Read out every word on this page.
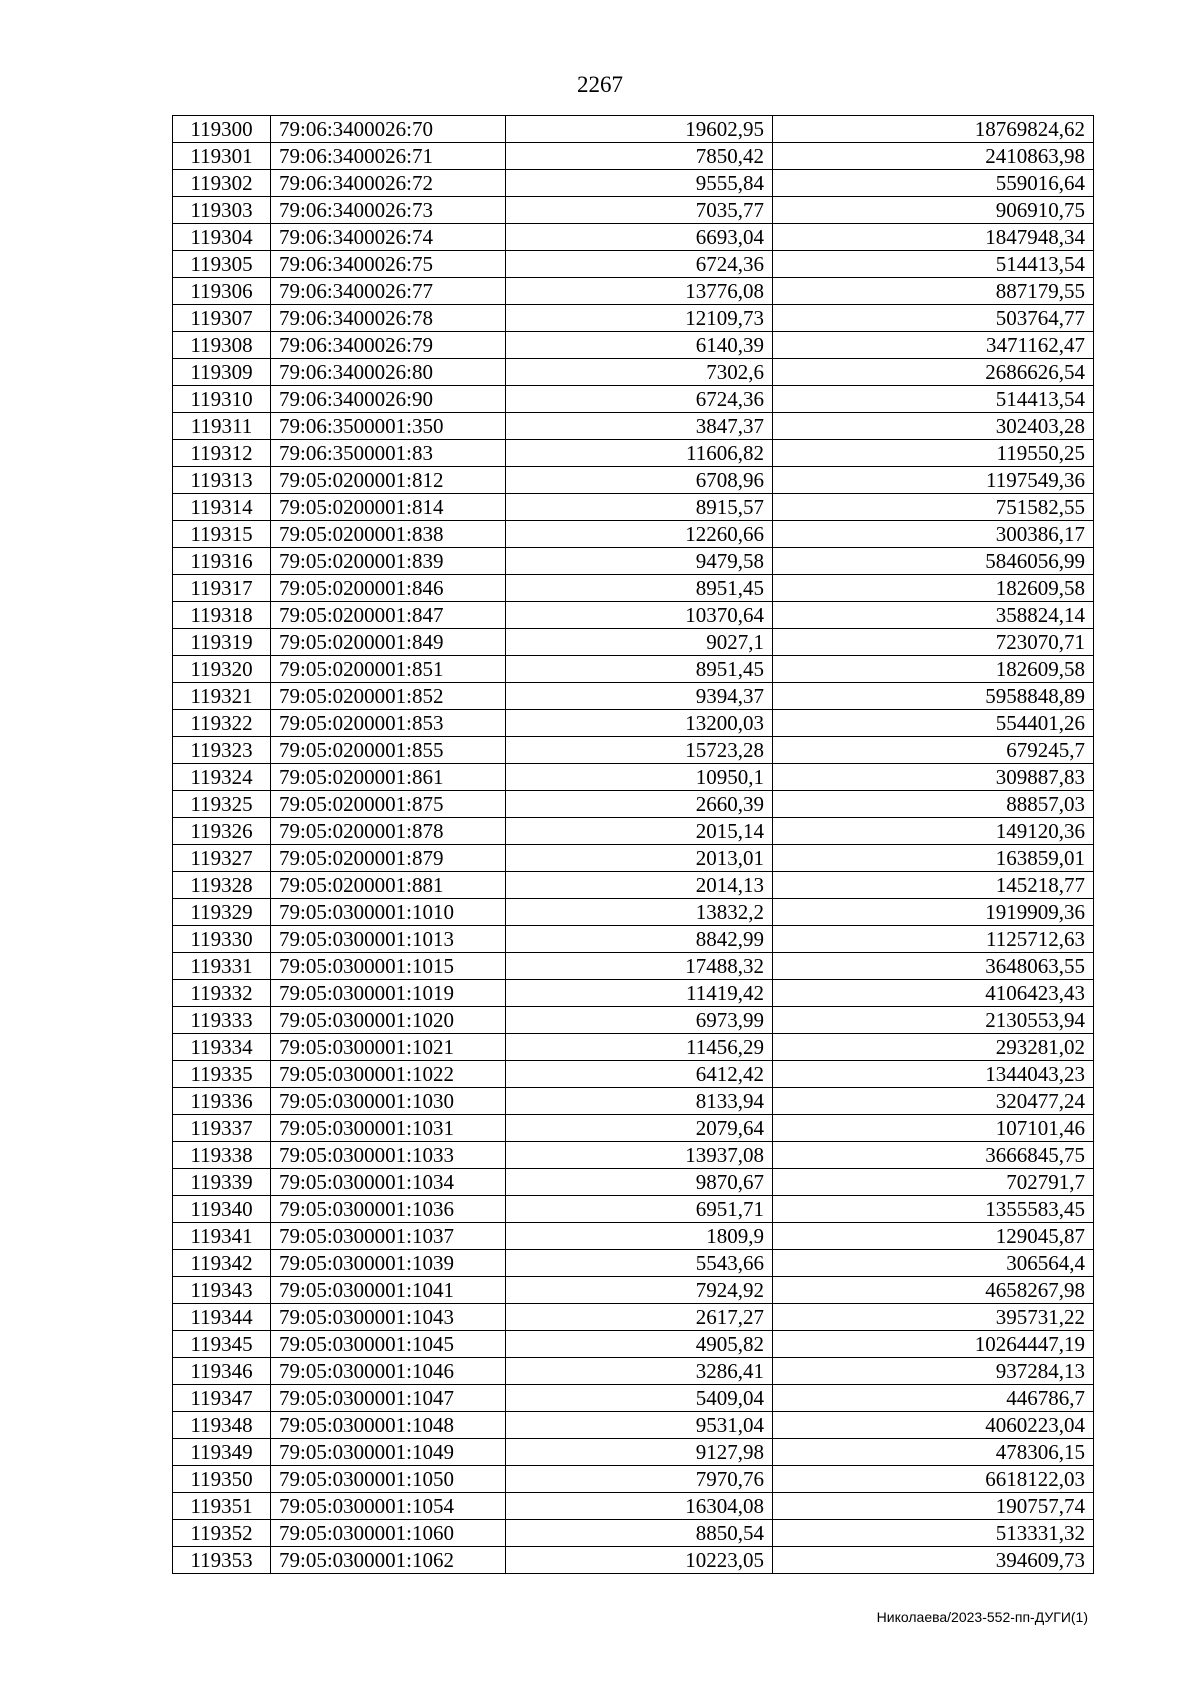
2267
119300	79:06:3400026:70	19602,95	18769824,62
119301	79:06:3400026:71	7850,42	2410863,98
119302	79:06:3400026:72	9555,84	559016,64
119303	79:06:3400026:73	7035,77	906910,75
119304	79:06:3400026:74	6693,04	1847948,34
119305	79:06:3400026:75	6724,36	514413,54
119306	79:06:3400026:77	13776,08	887179,55
119307	79:06:3400026:78	12109,73	503764,77
119308	79:06:3400026:79	6140,39	3471162,47
119309	79:06:3400026:80	7302,6	2686626,54
119310	79:06:3400026:90	6724,36	514413,54
119311	79:06:3500001:350	3847,37	302403,28
119312	79:06:3500001:83	11606,82	119550,25
119313	79:05:0200001:812	6708,96	1197549,36
119314	79:05:0200001:814	8915,57	751582,55
119315	79:05:0200001:838	12260,66	300386,17
119316	79:05:0200001:839	9479,58	5846056,99
119317	79:05:0200001:846	8951,45	182609,58
119318	79:05:0200001:847	10370,64	358824,14
119319	79:05:0200001:849	9027,1	723070,71
119320	79:05:0200001:851	8951,45	182609,58
119321	79:05:0200001:852	9394,37	5958848,89
119322	79:05:0200001:853	13200,03	554401,26
119323	79:05:0200001:855	15723,28	679245,7
119324	79:05:0200001:861	10950,1	309887,83
119325	79:05:0200001:875	2660,39	88857,03
119326	79:05:0200001:878	2015,14	149120,36
119327	79:05:0200001:879	2013,01	163859,01
119328	79:05:0200001:881	2014,13	145218,77
119329	79:05:0300001:1010	13832,2	1919909,36
119330	79:05:0300001:1013	8842,99	1125712,63
119331	79:05:0300001:1015	17488,32	3648063,55
119332	79:05:0300001:1019	11419,42	4106423,43
119333	79:05:0300001:1020	6973,99	2130553,94
119334	79:05:0300001:1021	11456,29	293281,02
119335	79:05:0300001:1022	6412,42	1344043,23
119336	79:05:0300001:1030	8133,94	320477,24
119337	79:05:0300001:1031	2079,64	107101,46
119338	79:05:0300001:1033	13937,08	3666845,75
119339	79:05:0300001:1034	9870,67	702791,7
119340	79:05:0300001:1036	6951,71	1355583,45
119341	79:05:0300001:1037	1809,9	129045,87
119342	79:05:0300001:1039	5543,66	306564,4
119343	79:05:0300001:1041	7924,92	4658267,98
119344	79:05:0300001:1043	2617,27	395731,22
119345	79:05:0300001:1045	4905,82	10264447,19
119346	79:05:0300001:1046	3286,41	937284,13
119347	79:05:0300001:1047	5409,04	446786,7
119348	79:05:0300001:1048	9531,04	4060223,04
119349	79:05:0300001:1049	9127,98	478306,15
119350	79:05:0300001:1050	7970,76	6618122,03
119351	79:05:0300001:1054	16304,08	190757,74
119352	79:05:0300001:1060	8850,54	513331,32
119353	79:05:0300001:1062	10223,05	394609,73
Николаева/2023-552-пп-ДУГИ(1)
